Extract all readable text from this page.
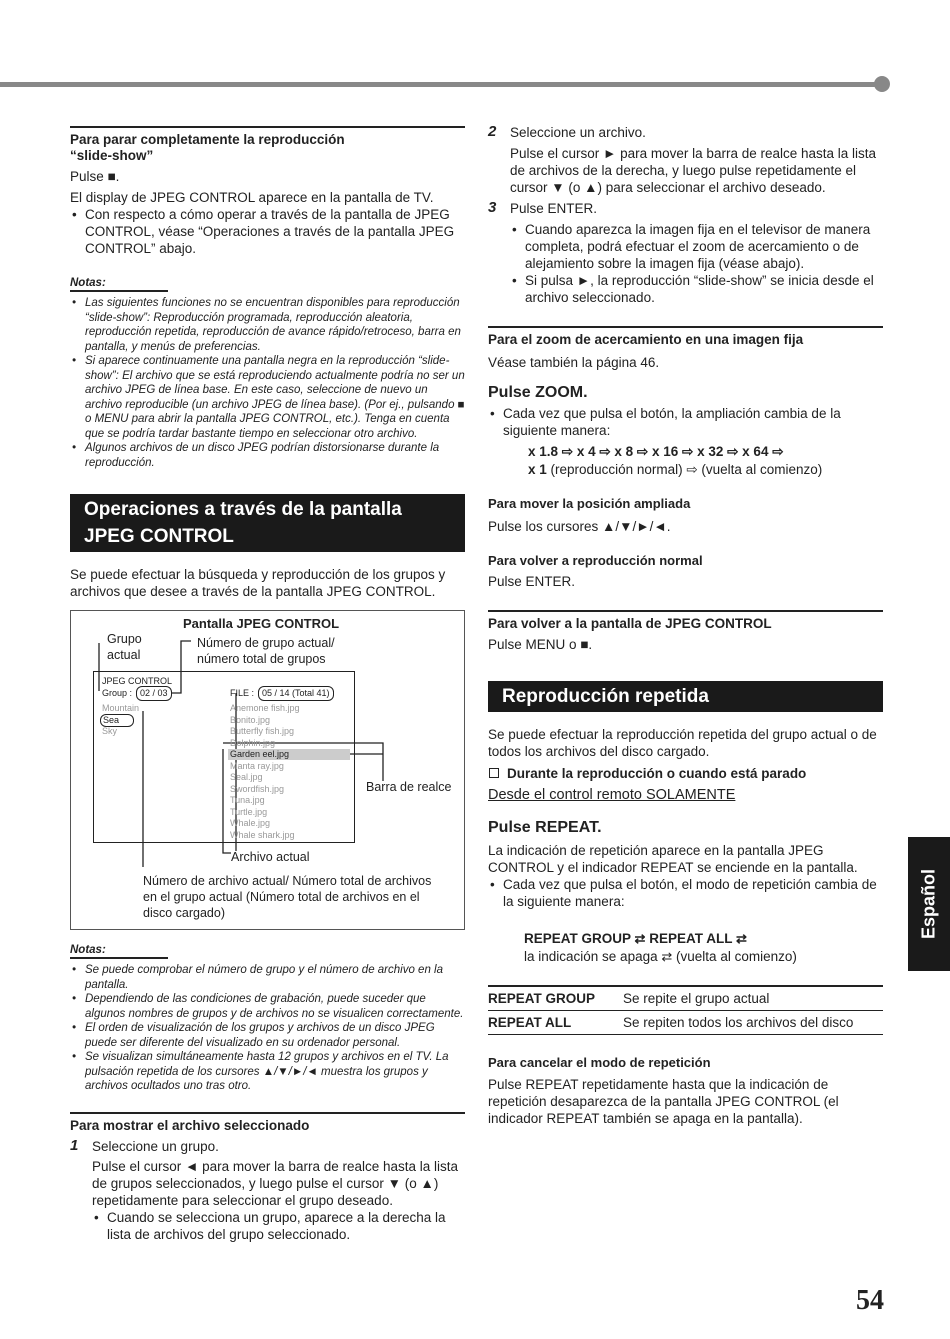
Para parar completamente la reproducción
“slide-show”

Pulse ■.

El display de JPEG CONTROL aparece en la pantalla de TV.

• Con respecto a cómo operar a través de la pantalla de JPEG CONTROL, véase “Operaciones a través de la pantalla JPEG CONTROL” abajo.
Notas:
• Las siguientes funciones no se encuentran disponibles para reproducción “slide-show”: Reproducción programada, reproducción aleatoria, reproducción repetida, reproducción de avance rápido/retroceso, barra en pantalla, y menús de preferencias.
• Si aparece continuamente una pantalla negra en la reproducción “slide-show”: El archivo que se está reproduciendo actualmente podría no ser un archivo JPEG de línea base. En este caso, seleccione de nuevo un archivo reproducible (un archivo JPEG de línea base). (Por ej., pulsando ■ o MENU para abrir la pantalla JPEG CONTROL, etc.). Tenga en cuenta que se podría tardar bastante tiempo en seleccionar otro archivo.
• Algunos archivos de un disco JPEG podrían distorsionarse durante la reproducción.
Operaciones a través de la pantalla
JPEG CONTROL

Se puede efectuar la búsqueda y reproducción de los grupos y archivos que desee a través de la pantalla JPEG CONTROL.

Pantalla JPEG CONTROL
Grupo actual
Número de grupo actual/ número total de grupos
JPEG CONTROL
Group : 02 / 03	FILE : 05 / 14 (Total 41)
Mountain
Sea
Sky
Anemone fish.jpg
Bonito.jpg
Butterfly fish.jpg
Dolphin.jpg
Garden eel.jpg
Manta ray.jpg
Seal.jpg
Swordfish.jpg
Tuna.jpg
Turtle.jpg
Whale.jpg
Whale shark.jpg
Barra de realce
Archivo actual
Número de archivo actual/ Número total de archivos en el grupo actual (Número total de archivos en el disco cargado)
Notas:
• Se puede comprobar el número de grupo y el número de archivo en la pantalla.
• Dependiendo de las condiciones de grabación, puede suceder que algunos nombres de grupos y de archivos no se visualicen correctamente.
• El orden de visualización de los grupos y archivos de un disco JPEG puede ser diferente del visualizado en su ordenador personal.
• Se visualizan simultáneamente hasta 12 grupos y archivos en el TV. La pulsación repetida de los cursores ▲/▼/►/◄ muestra los grupos y archivos ocultados uno tras otro.
Para mostrar el archivo seleccionado
1 Seleccione un grupo.

Pulse el cursor ◄ para mover la barra de realce hasta la lista de grupos seleccionados, y luego pulse el cursor ▼ (o ▲) repetidamente para seleccionar el grupo deseado.

• Cuando se selecciona un grupo, aparece a la derecha la lista de archivos del grupo seleccionado.
2 Seleccione un archivo.

Pulse el cursor ► para mover la barra de realce hasta la lista de archivos de la derecha, y luego pulse repetidamente el cursor ▼ (o ▲) para seleccionar el archivo deseado.

3 Pulse ENTER.

• Cuando aparezca la imagen fija en el televisor de manera completa, podrá efectuar el zoom de acercamiento o de alejamiento sobre la imagen fija (véase abajo).
• Si pulsa ►, la reproducción “slide-show” se inicia desde el archivo seleccionado.
Para el zoom de acercamiento en una imagen fija

Véase también la página 46.

Pulse ZOOM.
• Cada vez que pulsa el botón, la ampliación cambia de la siguiente manera:

x 1.8 ⇨ x 4 ⇨ x 8 ⇨ x 16 ⇨ x 32 ⇨ x 64 ⇨

x 1 (reproducción normal) ⇨ (vuelta al comienzo)

Para mover la posición ampliada

Pulse los cursores ▲/▼/►/◄.

Para volver a reproducción normal

Pulse ENTER.

Para volver a la pantalla de JPEG CONTROL

Pulse MENU o ■.

Reproducción repetida

Se puede efectuar la reproducción repetida del grupo actual o de todos los archivos del disco cargado.

Durante la reproducción o cuando está parado

Desde el control remoto SOLAMENTE

Pulse REPEAT.

La indicación de repetición aparece en la pantalla JPEG CONTROL y el indicador REPEAT se enciende en la pantalla.

• Cada vez que pulsa el botón, el modo de repetición cambia de la siguiente manera:

REPEAT GROUP ⇄ REPEAT ALL ⇄

la indicación se apaga ⇄ (vuelta al comienzo)

REPEAT GROUP	Se repite el grupo actual
REPEAT ALL	Se repiten todos los archivos del disco
Para cancelar el modo de repetición

Pulse REPEAT repetidamente hasta que la indicación de repetición desaparezca de la pantalla JPEG CONTROL (el indicador REPEAT también se apaga en la pantalla).

Español
54
